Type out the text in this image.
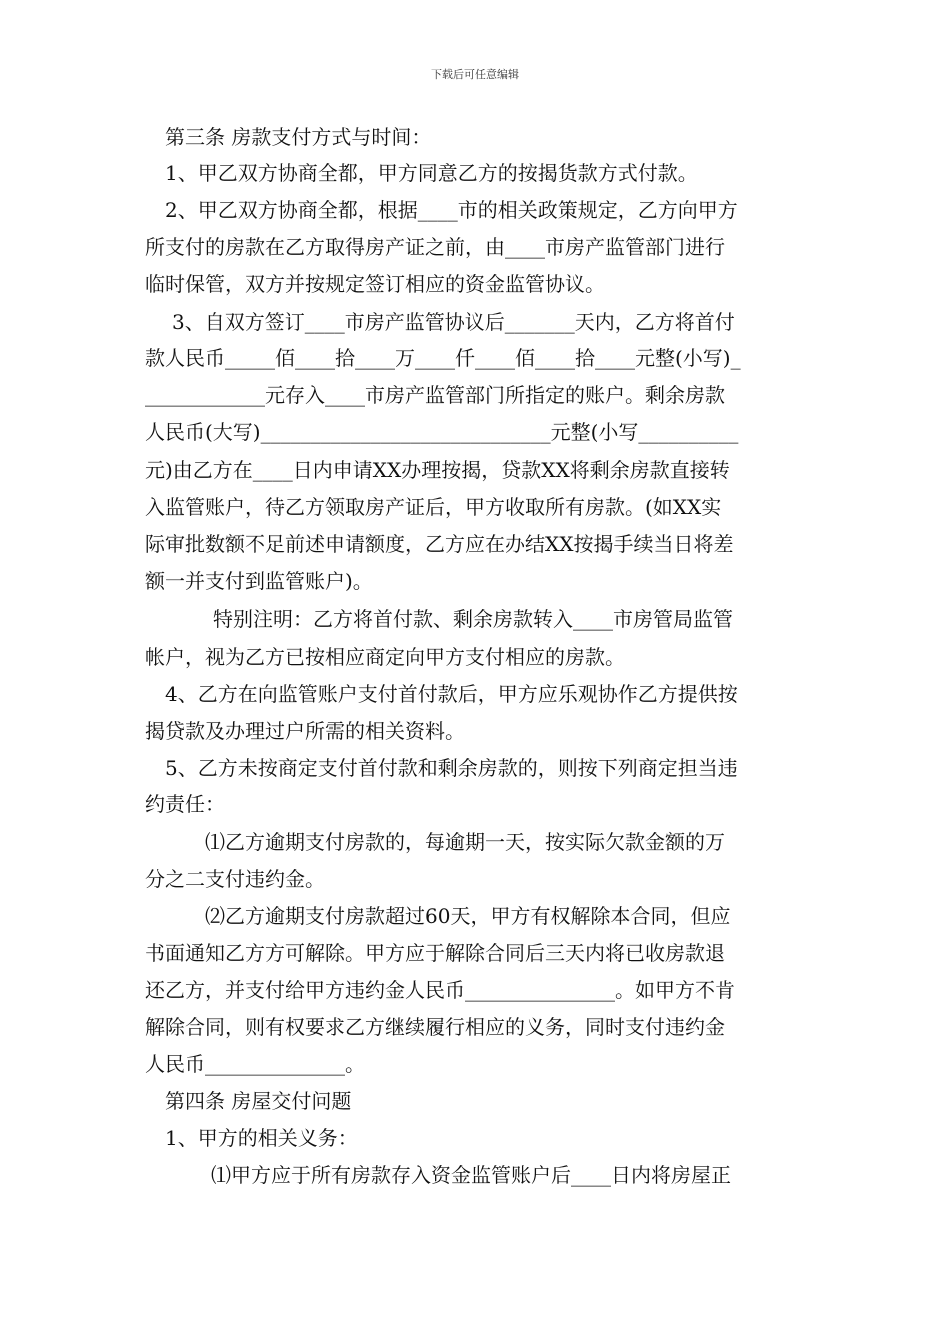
下载后可任意编辑
第三条 房款支付方式与时间：
1、甲乙双方协商全都，甲方同意乙方的按揭货款方式付款。
2、甲乙双方协商全都，根据____市的相关政策规定，乙方向甲方
所支付的房款在乙方取得房产证之前，由____市房产监管部门进行
临时保管，双方并按规定签订相应的资金监管协议。
3、自双方签订____市房产监管协议后_______天内，乙方将首付
款人民币_____佰____拾____万____仟____佰____拾____元整(小写)_
____________元存入____市房产监管部门所指定的账户。剩余房款
人民币(大写)_____________________________元整(小写__________
元)由乙方在____日内申请XX办理按揭，贷款XX将剩余房款直接转
入监管账户，待乙方领取房产证后，甲方收取所有房款。(如XX实
际审批数额不足前述申请额度，乙方应在办结XX按揭手续当日将差
额一并支付到监管账户)。
特别注明：乙方将首付款、剩余房款转入____市房管局监管
帐户，视为乙方已按相应商定向甲方支付相应的房款。
4、乙方在向监管账户支付首付款后，甲方应乐观协作乙方提供按
揭贷款及办理过户所需的相关资料。
5、乙方未按商定支付首付款和剩余房款的，则按下列商定担当违
约责任：
⑴乙方逾期支付房款的，每逾期一天，按实际欠款金额的万
分之二支付违约金。
⑵乙方逾期支付房款超过60天，甲方有权解除本合同，但应
书面通知乙方方可解除。甲方应于解除合同后三天内将已收房款退
还乙方，并支付给甲方违约金人民币_______________。如甲方不肯
解除合同，则有权要求乙方继续履行相应的义务，同时支付违约金
人民币______________。
第四条 房屋交付问题
1、甲方的相关义务：
⑴甲方应于所有房款存入资金监管账户后____日内将房屋正
